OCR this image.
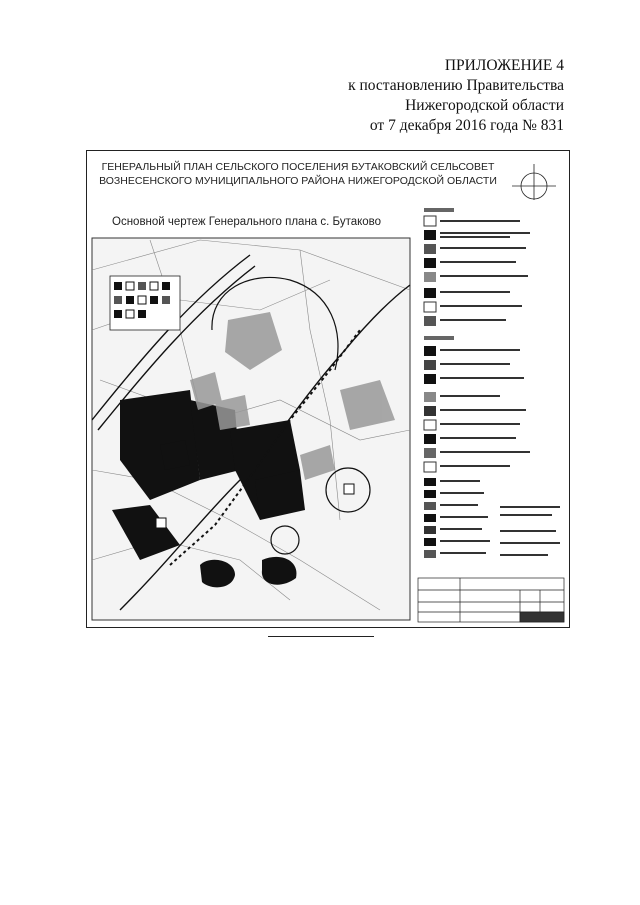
ПРИЛОЖЕНИЕ 4
к постановлению Правительства
Нижегородской области
от 7 декабря 2016 года № 831
ГЕНЕРАЛЬНЫЙ ПЛАН СЕЛЬСКОГО ПОСЕЛЕНИЯ БУТАКОВСКИЙ СЕЛЬСОВЕТ
ВОЗНЕСЕНСКОГО МУНИЦИПАЛЬНОГО РАЙОНА НИЖЕГОРОДСКОЙ ОБЛАСТИ
Основной чертеж Генерального плана с. Бутаково
